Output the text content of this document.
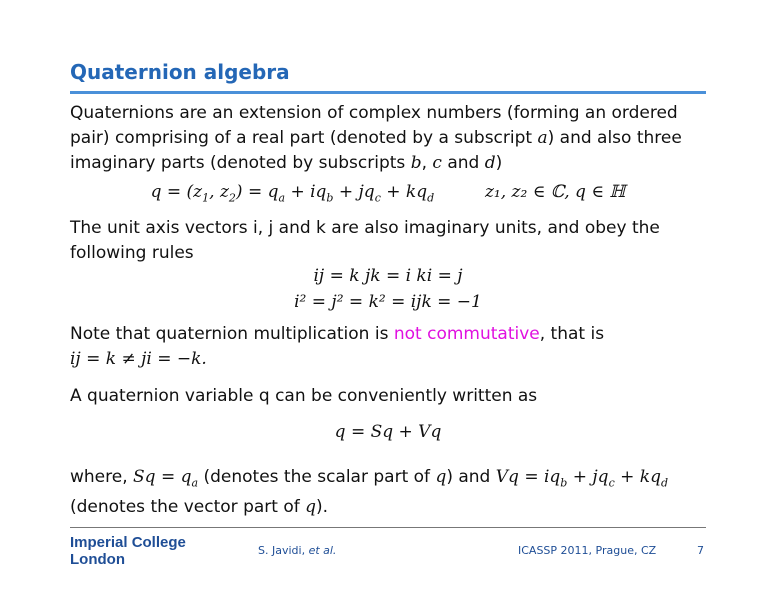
Quaternion algebra
Quaternions are an extension of complex numbers (forming an ordered
pair) comprising of a real part (denoted by a subscript a) and also three
imaginary parts (denoted by subscripts b, c and d)
$q = (z_1$, $z_2) = q_a + iq_b + jq_c + kq_d$	z₁, z₂ ∈ ℂ, q ∈ ℍ
The unit axis vectors i, j and k are also imaginary units, and obey the
following rules
ij = k jk = i ki = j
i² = j² = k² = ijk = −1
Note that quaternion multiplication is not commutative, that is
ij = k ≠ ji = −k.
A quaternion variable q can be conveniently written as
q = Sq + Vq
where, $Sq = q_a$ (denotes the scalar part of q) and $Vq = iq_b + jq_c + kq_d$
(denotes the vector part of q).
Imperial College
London
S. Javidi, et al.	ICASSP 2011, Prague, CZ	7
